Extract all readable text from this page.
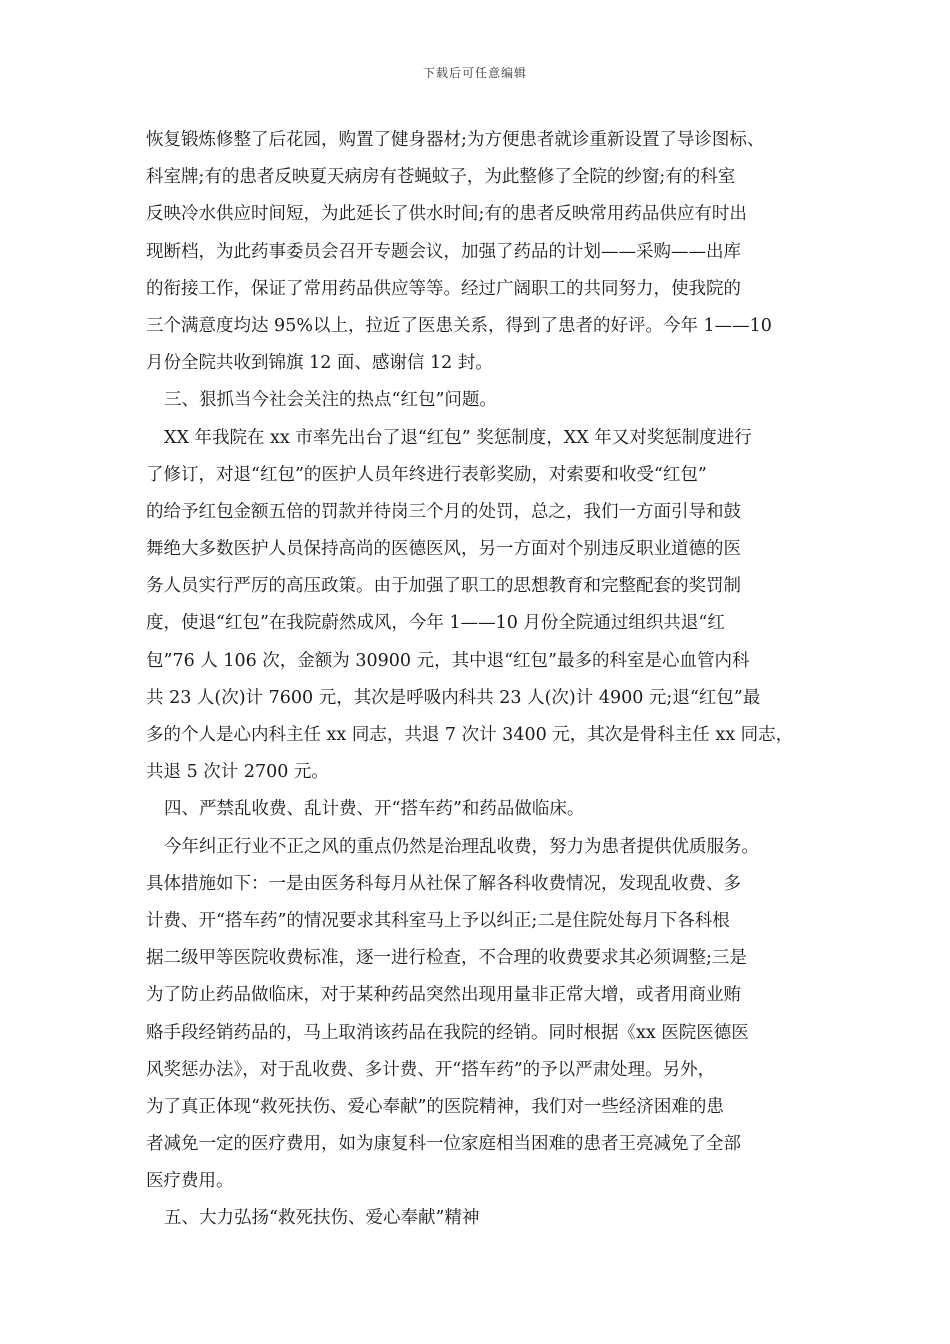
下载后可任意编辑
恢复锻炼修整了后花园，购置了健身器材;为方便患者就诊重新设置了导诊图标、
科室牌;有的患者反映夏天病房有苍蝇蚊子，为此整修了全院的纱窗;有的科室
反映冷水供应时间短，为此延长了供水时间;有的患者反映常用药品供应有时出
现断档，为此药事委员会召开专题会议，加强了药品的计划——采购——出库
的衔接工作，保证了常用药品供应等等。经过广阔职工的共同努力，使我院的
三个满意度均达 95%以上，拉近了医患关系，得到了患者的好评。今年 1——10
月份全院共收到锦旗 12 面、感谢信 12 封。
三、狠抓当今社会关注的热点“红包”问题。
XX 年我院在 xx 市率先出台了退“红包” 奖惩制度，XX 年又对奖惩制度进行
了修订，对退“红包”的医护人员年终进行表彰奖励，对索要和收受“红包”
的给予红包金额五倍的罚款并待岗三个月的处罚，总之，我们一方面引导和鼓
舞绝大多数医护人员保持高尚的医德医风，另一方面对个别违反职业道德的医
务人员实行严厉的高压政策。由于加强了职工的思想教育和完整配套的奖罚制
度，使退“红包”在我院蔚然成风，今年 1——10 月份全院通过组织共退“红
包”76 人 106 次，金额为 30900 元，其中退“红包”最多的科室是心血管内科
共 23 人(次)计 7600 元，其次是呼吸内科共 23 人(次)计 4900 元;退“红包”最
多的个人是心内科主任 xx 同志，共退 7 次计 3400 元，其次是骨科主任 xx 同志，
共退 5 次计 2700 元。
四、严禁乱收费、乱计费、开“搭车药”和药品做临床。
今年纠正行业不正之风的重点仍然是治理乱收费，努力为患者提供优质服务。
具体措施如下：一是由医务科每月从社保了解各科收费情况，发现乱收费、多
计费、开“搭车药”的情况要求其科室马上予以纠正;二是住院处每月下各科根
据二级甲等医院收费标准，逐一进行检查，不合理的收费要求其必须调整;三是
为了防止药品做临床，对于某种药品突然出现用量非正常大增，或者用商业贿
赂手段经销药品的，马上取消该药品在我院的经销。同时根据《xx 医院医德医
风奖惩办法》，对于乱收费、多计费、开“搭车药”的予以严肃处理。另外，
为了真正体现“救死扶伤、爱心奉献”的医院精神，我们对一些经济困难的患
者减免一定的医疗费用，如为康复科一位家庭相当困难的患者王亮减免了全部
医疗费用。
五、大力弘扬“救死扶伤、爱心奉献”精神
